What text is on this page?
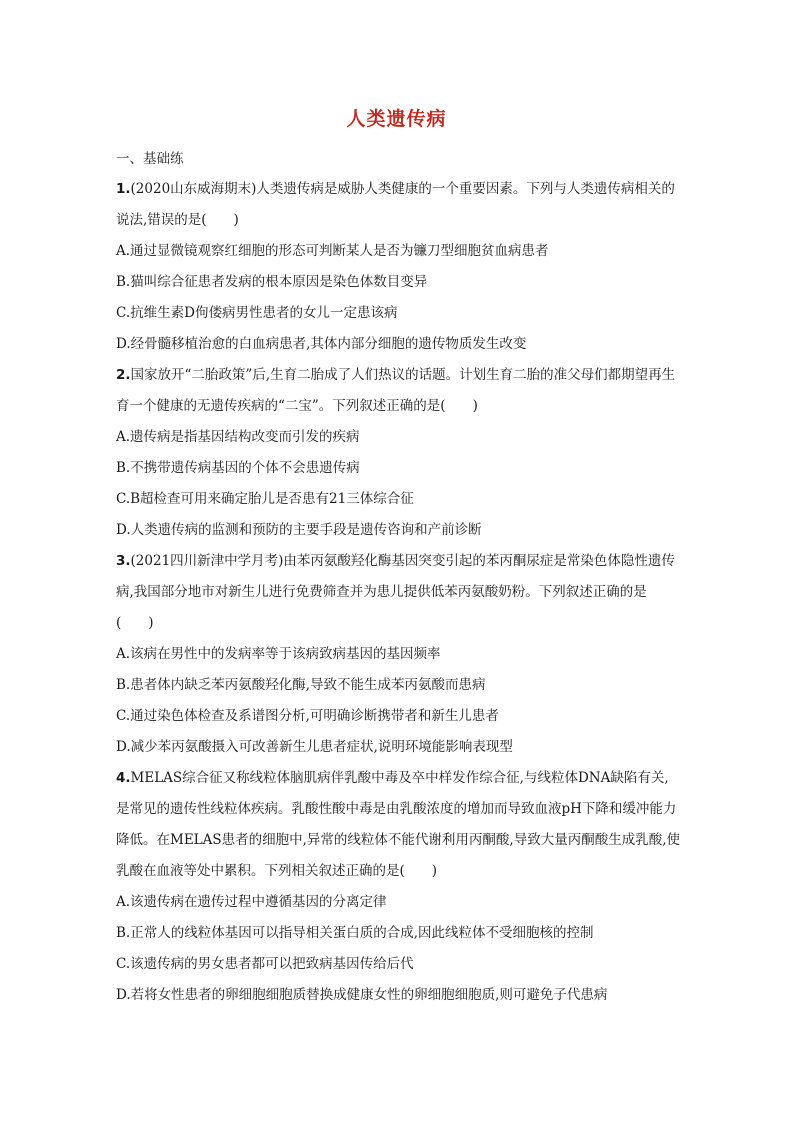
人类遗传病
一、基础练

1.(2020山东威海期末)人类遗传病是威胁人类健康的一个重要因素。下列与人类遗传病相关的说法,错误的是(　　)

A.通过显微镜观察红细胞的形态可判断某人是否为镰刀型细胞贫血病患者

B.猫叫综合征患者发病的根本原因是染色体数目变异

C.抗维生素D佝偻病男性患者的女儿一定患该病

D.经骨髓移植治愈的白血病患者,其体内部分细胞的遗传物质发生改变

2.国家放开“二胎政策”后,生育二胎成了人们热议的话题。计划生育二胎的准父母们都期望再生育一个健康的无遗传疾病的“二宝”。下列叙述正确的是(　　)

A.遗传病是指基因结构改变而引发的疾病

B.不携带遗传病基因的个体不会患遗传病

C.B超检查可用来确定胎儿是否患有21三体综合征

D.人类遗传病的监测和预防的主要手段是遗传咨询和产前诊断

3.(2021四川新津中学月考)由苯丙氨酸羟化酶基因突变引起的苯丙酮尿症是常染色体隐性遗传病,我国部分地市对新生儿进行免费筛查并为患儿提供低苯丙氨酸奶粉。下列叙述正确的是(　　)

A.该病在男性中的发病率等于该病致病基因的基因频率

B.患者体内缺乏苯丙氨酸羟化酶,导致不能生成苯丙氨酸而患病

C.通过染色体检查及系谱图分析,可明确诊断携带者和新生儿患者

D.减少苯丙氨酸摄入可改善新生儿患者症状,说明环境能影响表现型

4.MELAS综合征又称线粒体脑肌病伴乳酸中毒及卒中样发作综合征,与线粒体DNA缺陷有关,是常见的遗传性线粒体疾病。乳酸性酸中毒是由乳酸浓度的增加而导致血液pH下降和缓冲能力降低。在MELAS患者的细胞中,异常的线粒体不能代谢利用丙酮酸,导致大量丙酮酸生成乳酸,使乳酸在血液等处中累积。下列相关叙述正确的是(　　)

A.该遗传病在遗传过程中遵循基因的分离定律

B.正常人的线粒体基因可以指导相关蛋白质的合成,因此线粒体不受细胞核的控制

C.该遗传病的男女患者都可以把致病基因传给后代

D.若将女性患者的卵细胞细胞质替换成健康女性的卵细胞细胞质,则可避免子代患病
